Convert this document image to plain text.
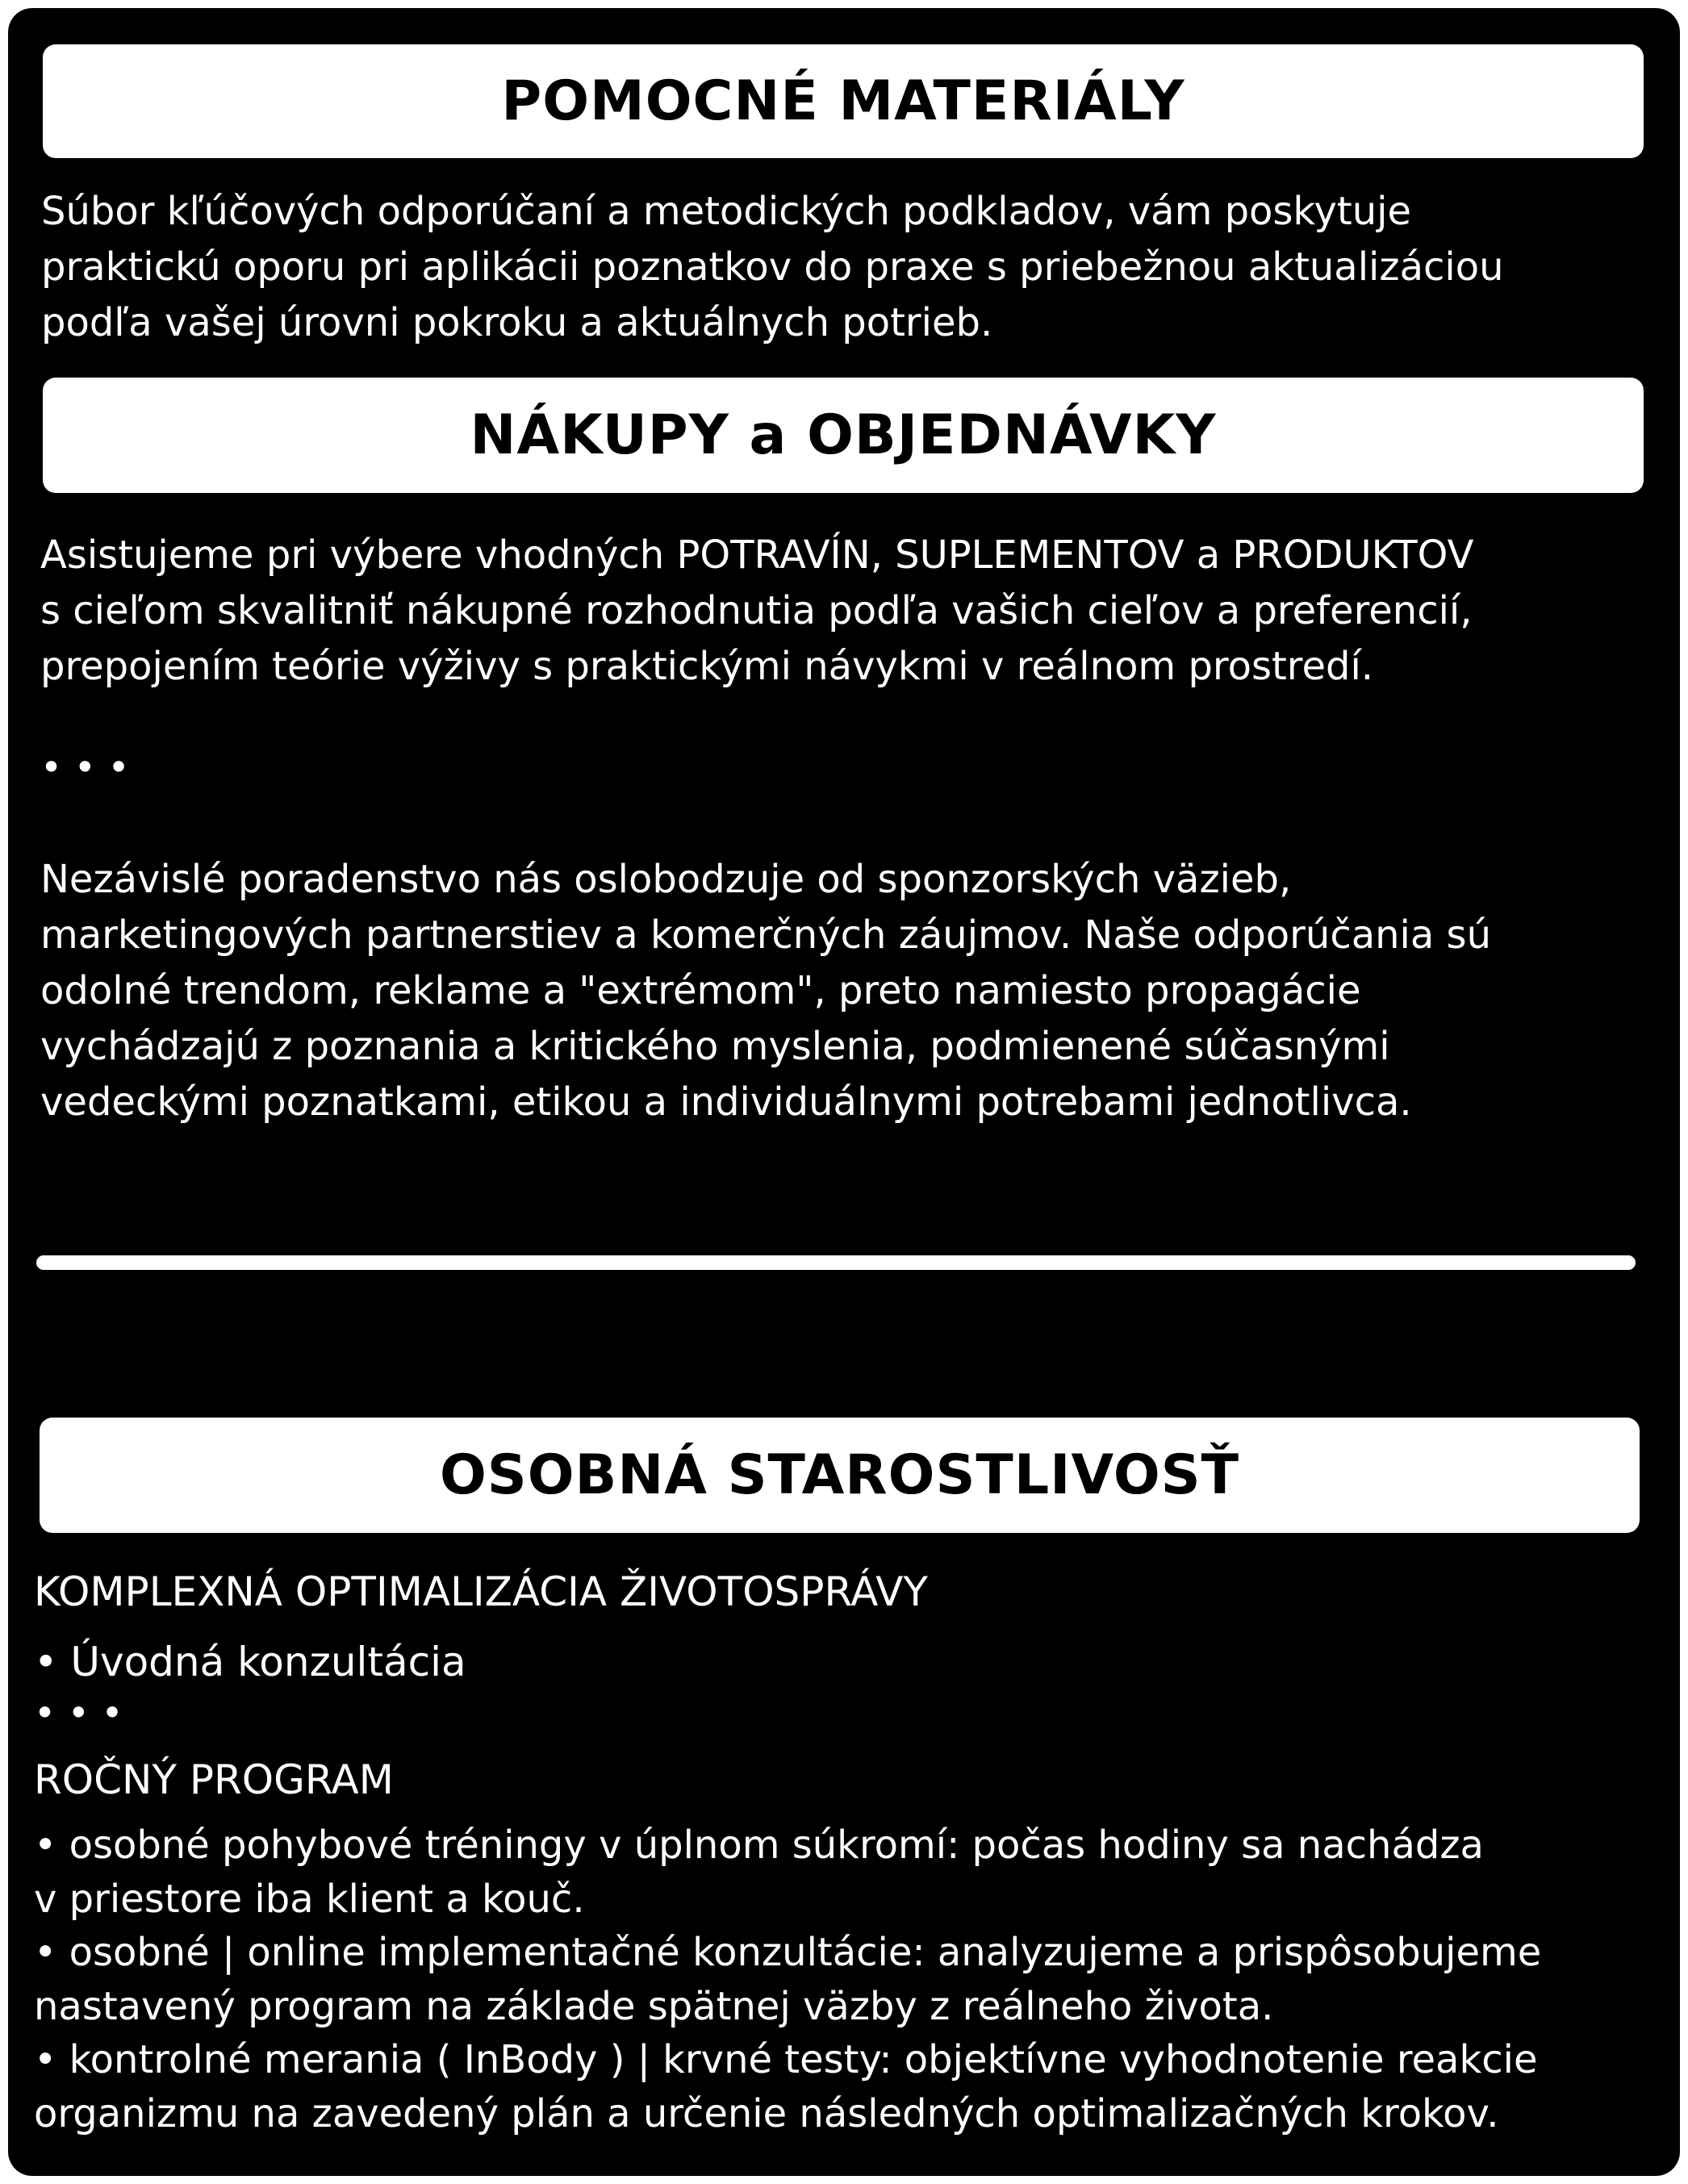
POMOCNÉ MATERIÁLY
Súbor kľúčových odporúčaní a metodických podkladov, vám poskytuje
praktickú oporu pri aplikácii poznatkov do praxe s priebežnou aktualizáciou
podľa vašej úrovni pokroku a aktuálnych potrieb.
NÁKUPY a OBJEDNÁVKY
Asistujeme pri výbere vhodných POTRAVÍN, SUPLEMENTOV a PRODUKTOV
s cieľom skvalitniť nákupné rozhodnutia podľa vašich cieľov a preferencií,
prepojením teórie výživy s praktickými návykmi v reálnom prostredí.
• • •
Nezávislé poradenstvo nás oslobodzuje od sponzorských väzieb,
marketingových partnerstiev a komerčných záujmov. Naše odporúčania sú
odolné trendom, reklame a "extrémom", preto namiesto propagácie
vychádzajú z poznania a kritického myslenia, podmienené súčasnými
vedeckými poznatkami, etikou a individuálnymi potrebami jednotlivca.
OSOBNÁ STAROSTLIVOSŤ
KOMPLEXNÁ OPTIMALIZÁCIA ŽIVOTOSPRÁVY
• Úvodná konzultácia
• • •
ROČNÝ PROGRAM
• osobné pohybové tréningy v úplnom súkromí: počas hodiny sa nachádza
v priestore iba klient a kouč.
• osobné | online implementačné konzultácie: analyzujeme a prispôsobujeme
nastavený program na základe spätnej väzby z reálneho života.
• kontrolné merania ( InBody ) | krvné testy: objektívne vyhodnotenie reakcie
organizmu na zavedený plán a určenie následných optimalizačných krokov.
